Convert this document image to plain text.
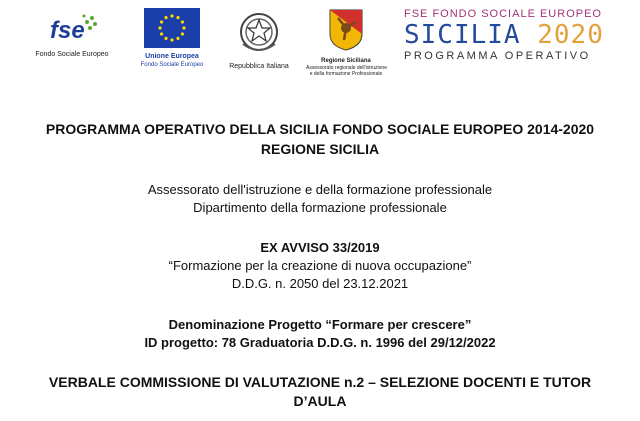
fse
Fondo Sociale Europeo	Unione Europea
Fondo Sociale Europeo	Repubblica Italiana
Regione Siciliana
Assessorato regionale dell'istruzione
e della formazione Professionale
FSE FONDO SOCIALE EUROPEO
SICILIA 2020
PROGRAMMA OPERATIVO
PROGRAMMA OPERATIVO DELLA SICILIA FONDO SOCIALE EUROPEO 2014-2020
REGIONE SICILIA
Assessorato dell'istruzione e della formazione professionale
Dipartimento della formazione professionale
EX AVVISO 33/2019
“Formazione per la creazione di nuova occupazione”
D.D.G. n. 2050 del 23.12.2021
Denominazione Progetto “Formare per crescere”
ID progetto: 78 Graduatoria D.D.G. n. 1996 del 29/12/2022
VERBALE COMMISSIONE DI VALUTAZIONE n.2 – SELEZIONE DOCENTI E TUTOR
D’AULA
